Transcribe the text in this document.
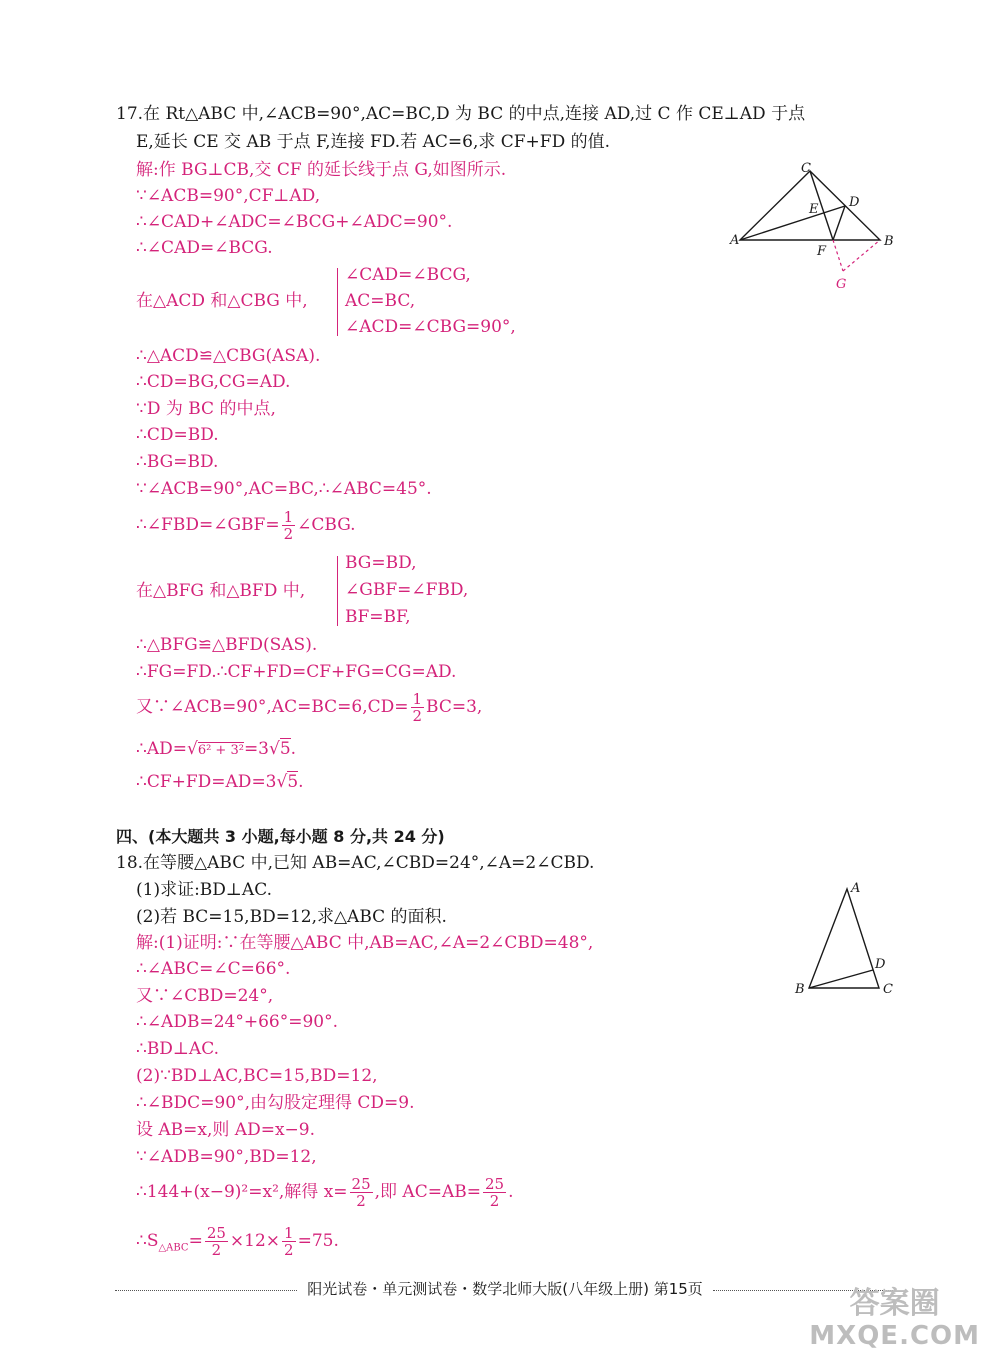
17.在 Rt△ABC 中,∠ACB=90°,AC=BC,D 为 BC 的中点,连接 AD,过 C 作 CE⊥AD 于点
E,延长 CE 交 AB 于点 F,连接 FD.若 AC=6,求 CF+FD 的值.
解:作 BG⊥CB,交 CF 的延长线于点 G,如图所示.
∵∠ACB=90°,CF⊥AD,
∴∠CAD+∠ADC=∠BCG+∠ADC=90°.
∴∠CAD=∠BCG.
在△ACD 和△CBG 中,
∠CAD=∠BCG,
AC=BC,
∠ACD=∠CBG=90°,
∴△ACD≌△CBG(ASA).
∴CD=BG,CG=AD.
∵D 为 BC 的中点,
∴CD=BD.
∴BG=BD.
∵∠ACB=90°,AC=BC,∴∠ABC=45°.
∴∠FBD=∠GBF= $\frac{1}{2}$ ∠CBG.
在△BFG 和△BFD 中,
BG=BD,
∠GBF=∠FBD,
BF=BF,
∴△BFG≌△BFD(SAS).
∴FG=FD.∴CF+FD=CF+FG=CG=AD.
又∵∠ACB=90°,AC=BC=6,CD= $\frac{1}{2} BC=3$,
∴AD=√6² + 3²=3√5.
∴CF+FD=AD=3√5.
C
D
E
A
F
B
G
四、(本大题共 3 小题,每小题 8 分,共 24 分)
18.在等腰△ABC 中,已知 AB=AC,∠CBD=24°,∠A=2∠CBD.
(1)求证:BD⊥AC.
(2)若 BC=15,BD=12,求△ABC 的面积.
解:(1)证明:∵在等腰△ABC 中,AB=AC,∠A=2∠CBD=48°,
∴∠ABC=∠C=66°.
又∵∠CBD=24°,
∴∠ADB=24°+66°=90°.
∴BD⊥AC.
(2)∵BD⊥AC,BC=15,BD=12,
∴∠BDC=90°,由勾股定理得 CD=9.
设 AB=x,则 AD=x−9.
∵∠ADB=90°,BD=12,
∴144+(x−9)²=x²,解得 $x= \frac{25}{2}$ ,即 $AC=AB= \frac{25}{2}$ .
$\therefore S_{\triangle ABC}= \frac{25}{2} \times 12\times \frac{1}{2} =75$.
A
D
B	C
阳光试卷・单元测试卷・数学北师大版(八年级上册) 第15页	答案圈
MXQE.COM
